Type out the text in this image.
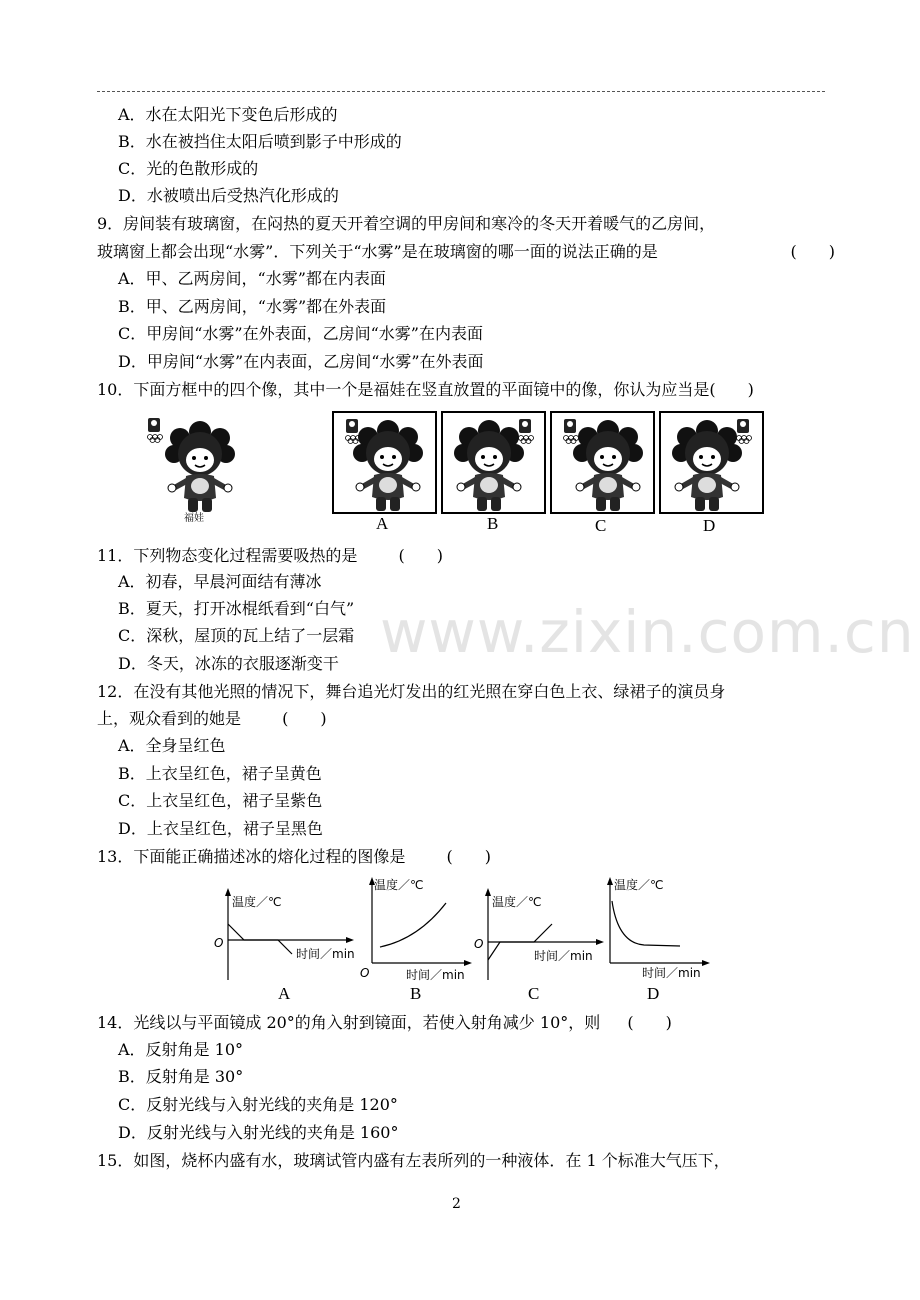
A．水在太阳光下变色后形成的
B．水在被挡住太阳后喷到影子中形成的
C．光的色散形成的
D．水被喷出后受热汽化形成的
9．房间装有玻璃窗，在闷热的夏天开着空调的甲房间和寒冷的冬天开着暖气的乙房间，
玻璃窗上都会出现“水雾”．下列关于“水雾”是在玻璃窗的哪一面的说法正确的是	(　　)
A．甲、乙两房间，“水雾”都在内表面
B．甲、乙两房间，“水雾”都在外表面
C．甲房间“水雾”在外表面，乙房间“水雾”在内表面
D．甲房间“水雾”在内表面，乙房间“水雾”在外表面
10．下面方框中的四个像，其中一个是福娃在竖直放置的平面镜中的像，你认为应当是(　　)
福娃	A	B	C	D
www.zixin.com.cn
11．下列物态变化过程需要吸热的是	(　　)
A．初春，早晨河面结有薄冰
B．夏天，打开冰棍纸看到“白气”
C．深秋，屋顶的瓦上结了一层霜
D．冬天，冰冻的衣服逐渐变干
12．在没有其他光照的情况下，舞台追光灯发出的红光照在穿白色上衣、绿裙子的演员身
上，观众看到的她是	(　　)
A．全身呈红色
B．上衣呈红色，裙子呈黄色
C．上衣呈红色，裙子呈紫色
D．上衣呈红色，裙子呈黑色
13．下面能正确描述冰的熔化过程的图像是	(　　)
温度／℃
O
时间／min
温度／℃
O	时间／min
温度／℃
O
时间／min
温度／℃
时间／min
A	B	C	D
14．光线以与平面镜成 20°的角入射到镜面，若使入射角减少 10°，则 (　　)
A．反射角是 10°
B．反射角是 30°
C．反射光线与入射光线的夹角是 120°
D．反射光线与入射光线的夹角是 160°
15．如图，烧杯内盛有水，玻璃试管内盛有左表所列的一种液体．在 1 个标准大气压下，
2
